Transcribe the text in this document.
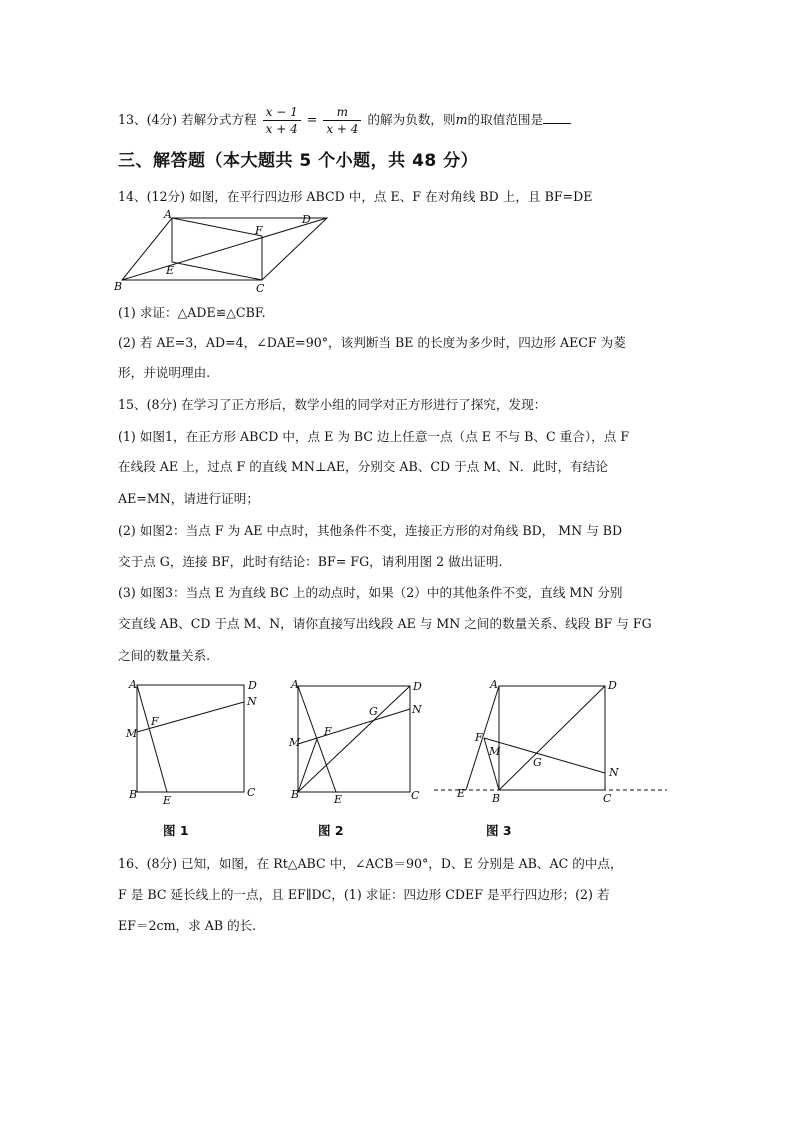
13、(4分) 若解分式方程 $\frac{x - 1}{x + 4} = \frac{m}{x + 4}$ 的解为负数，则m的取值范围是
三、解答题（本大题共 5 个小题，共 48 分）
14、(12分) 如图，在平行四边形 ABCD 中，点 E、F 在对角线 BD 上，且 BF=DE
A	D
B	C
E
F
(1) 求证：△ADE≌△CBF.
(2) 若 AE=3，AD=4，∠DAE=90°，该判断当 BE 的长度为多少时，四边形 AECF 为菱
形，并说明理由.
15、(8分) 在学习了正方形后，数学小组的同学对正方形进行了探究，发现：
(1) 如图1，在正方形 ABCD 中，点 E 为 BC 边上任意一点（点 E 不与 B、C 重合），点 F
在线段 AE 上，过点 F 的直线 MN⊥AE，分别交 AB、CD 于点 M、N．此时，有结论
AE=MN，请进行证明；
(2) 如图2：当点 F 为 AE 中点时，其他条件不变，连接正方形的对角线 BD， MN 与 BD
交于点 G，连接 BF，此时有结论：BF= FG，请利用图 2 做出证明.
(3) 如图3：当点 E 为直线 BC 上的动点时，如果（2）中的其他条件不变，直线 MN 分别
交直线 AB、CD 于点 M、N，请你直接写出线段 AE 与 MN 之间的数量关系、线段 BF 与 FG
之间的数量关系.
A	D
B	C
E
F
M
N
A	D
B	C
E
F
G
M
N
A	D
B	C
E
F
G
M
N
图 1	图 2	图 3
16、(8分) 已知，如图，在 Rt△ABC 中，∠ACB＝90°，D、E 分别是 AB、AC 的中点，
F 是 BC 延长线上的一点，且 EF∥DC，(1) 求证：四边形 CDEF 是平行四边形；(2) 若
EF＝2cm，求 AB 的长.
